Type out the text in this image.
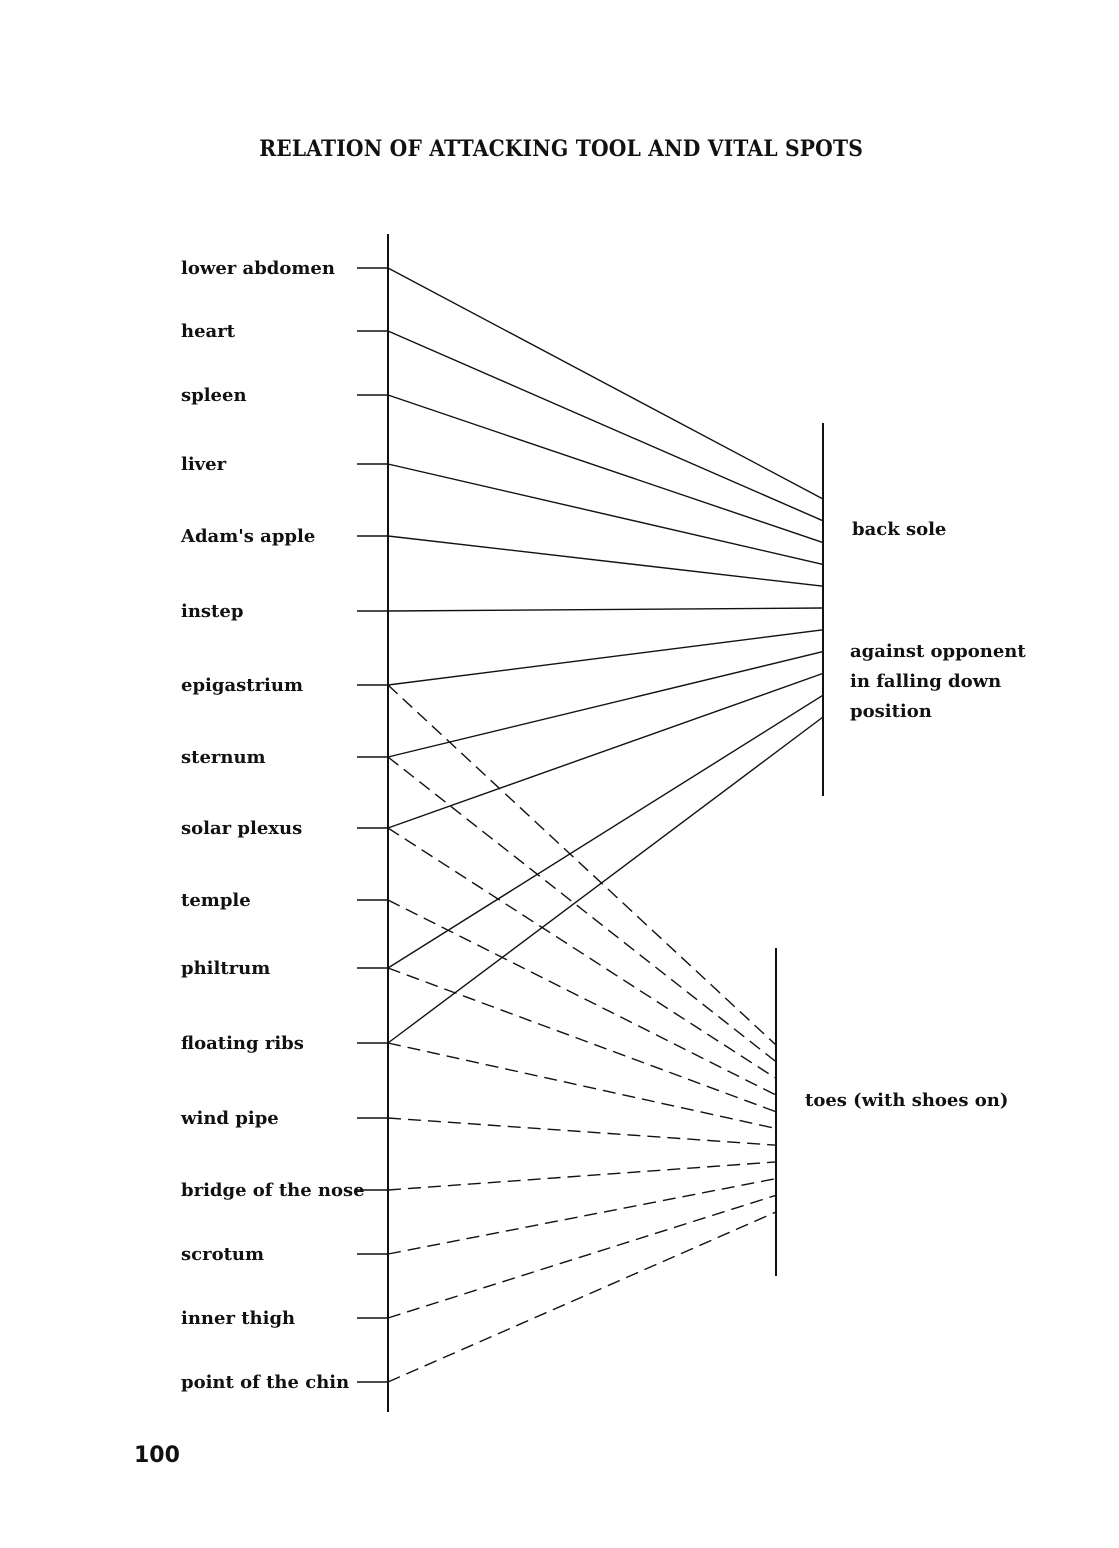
RELATION OF ATTACKING TOOL AND VITAL SPOTS
lower abdomen
heart
spleen
liver
Adam's apple
instep
epigastrium
sternum
solar plexus
temple
philtrum
floating ribs
wind pipe
bridge of the nose
scrotum
inner thigh
point of the chin
back sole
against opponent
in falling down
position
toes (with shoes on)
100
